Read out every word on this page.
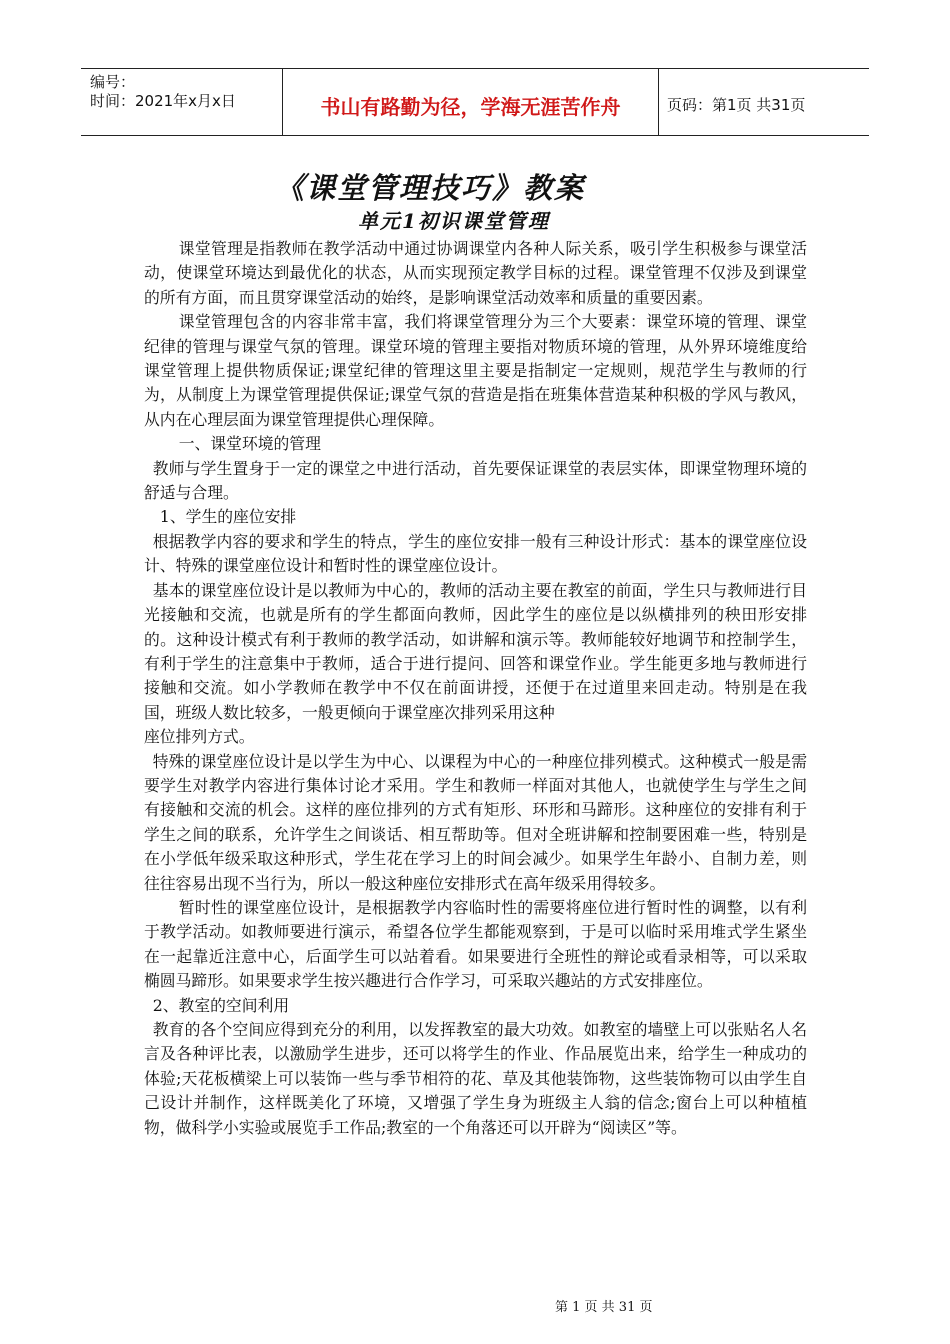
编号：
时间：2021年x月x日	书山有路勤为径，学海无涯苦作舟	页码：第1页 共31页
《课堂管理技巧》教案
单元1初识课堂管理

课堂管理是指教师在教学活动中通过协调课堂内各种人际关系，吸引学生积极参与课堂活动，使课堂环境达到最优化的状态，从而实现预定教学目标的过程。课堂管理不仅涉及到课堂的所有方面，而且贯穿课堂活动的始终，是影响课堂活动效率和质量的重要因素。

课堂管理包含的内容非常丰富，我们将课堂管理分为三个大要素：课堂环境的管理、课堂纪律的管理与课堂气氛的管理。课堂环境的管理主要指对物质环境的管理，从外界环境维度给课堂管理上提供物质保证;课堂纪律的管理这里主要是指制定一定规则，规范学生与教师的行为，从制度上为课堂管理提供保证;课堂气氛的营造是指在班集体营造某种积极的学风与教风，从内在心理层面为课堂管理提供心理保障。

一、课堂环境的管理

教师与学生置身于一定的课堂之中进行活动，首先要保证课堂的表层实体，即课堂物理环境的舒适与合理。

1、学生的座位安排

根据教学内容的要求和学生的特点，学生的座位安排一般有三种设计形式：基本的课堂座位设计、特殊的课堂座位设计和暂时性的课堂座位设计。

基本的课堂座位设计是以教师为中心的，教师的活动主要在教室的前面，学生只与教师进行目光接触和交流，也就是所有的学生都面向教师，因此学生的座位是以纵横排列的秧田形安排的。这种设计模式有利于教师的教学活动，如讲解和演示等。教师能较好地调节和控制学生，有利于学生的注意集中于教师，适合于进行提问、回答和课堂作业。学生能更多地与教师进行接触和交流。如小学教师在教学中不仅在前面讲授，还便于在过道里来回走动。特别是在我国，班级人数比较多，一般更倾向于课堂座次排列采用这种

座位排列方式。

特殊的课堂座位设计是以学生为中心、以课程为中心的一种座位排列模式。这种模式一般是需要学生对教学内容进行集体讨论才采用。学生和教师一样面对其他人，也就使学生与学生之间有接触和交流的机会。这样的座位排列的方式有矩形、环形和马蹄形。这种座位的安排有利于学生之间的联系，允许学生之间谈话、相互帮助等。但对全班讲解和控制要困难一些，特别是在小学低年级采取这种形式，学生花在学习上的时间会减少。如果学生年龄小、自制力差，则往往容易出现不当行为，所以一般这种座位安排形式在高年级采用得较多。

暂时性的课堂座位设计，是根据教学内容临时性的需要将座位进行暂时性的调整，以有利于教学活动。如教师要进行演示，希望各位学生都能观察到，于是可以临时采用堆式学生紧坐在一起靠近注意中心，后面学生可以站着看。如果要进行全班性的辩论或看录相等，可以采取椭圆马蹄形。如果要求学生按兴趣进行合作学习，可采取兴趣站的方式安排座位。

2、教室的空间利用

教育的各个空间应得到充分的利用，以发挥教室的最大功效。如教室的墙壁上可以张贴名人名言及各种评比表，以激励学生进步，还可以将学生的作业、作品展览出来，给学生一种成功的体验;天花板横梁上可以装饰一些与季节相符的花、草及其他装饰物，这些装饰物可以由学生自己设计并制作，这样既美化了环境，又增强了学生身为班级主人翁的信念;窗台上可以种植植物，做科学小实验或展览手工作品;教室的一个角落还可以开辟为“阅读区”等。

第 1 页 共 31 页
